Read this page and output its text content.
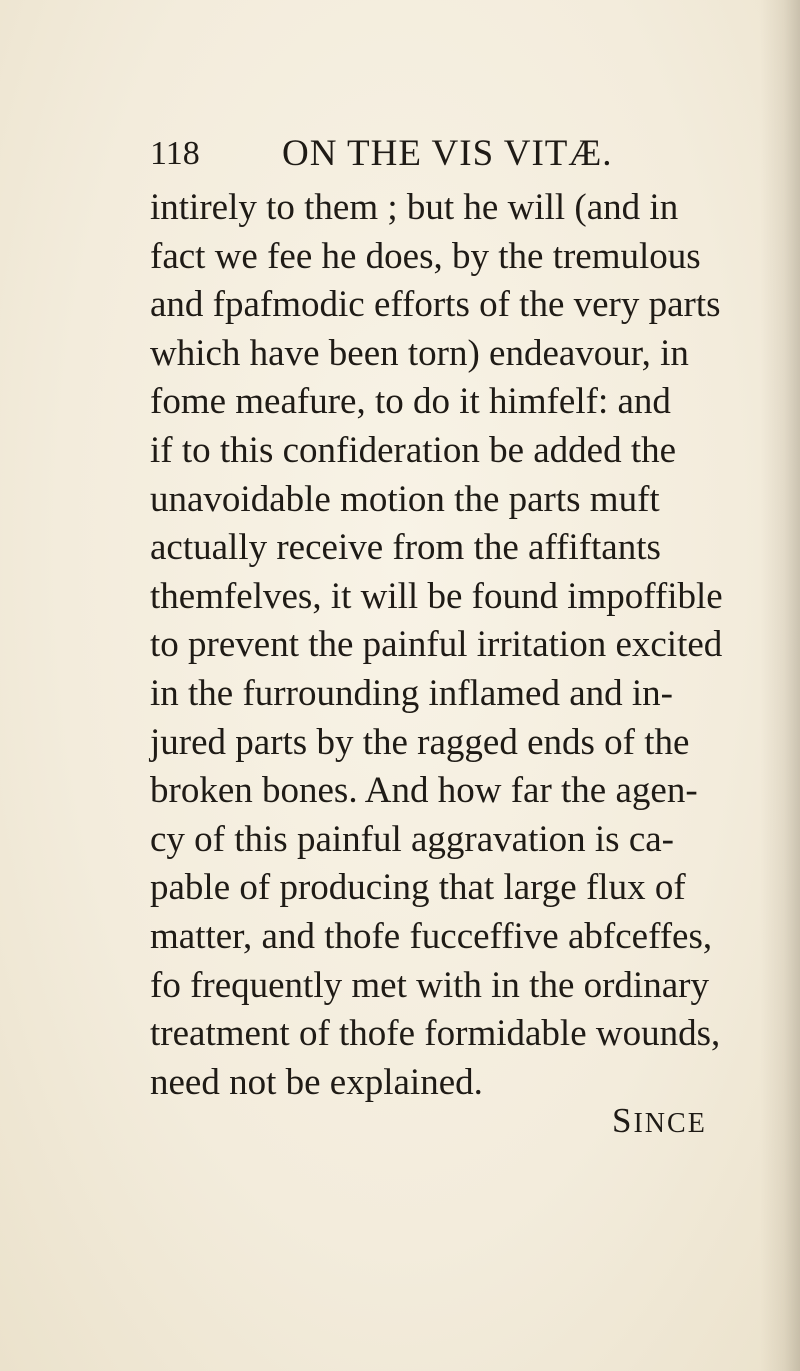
118 ON THE VIS VITÆ.
intirely to them ; but he will (and in
fact we fee he does, by the tremulous
and fpafmodic efforts of the very parts
which have been torn) endeavour, in
fome meafure, to do it himfelf: and
if to this confideration be added the
unavoidable motion the parts muft
actually receive from the affiftants
themfelves, it will be found impoffible
to prevent the painful irritation excited
in the furrounding inflamed and in-
jured parts by the ragged ends of the
broken bones. And how far the agen-
cy of this painful aggravation is ca-
pable of producing that large flux of
matter, and thofe fucceffive abfceffes,
fo frequently met with in the ordinary
treatment of thofe formidable wounds,
need not be explained.
SINCE
